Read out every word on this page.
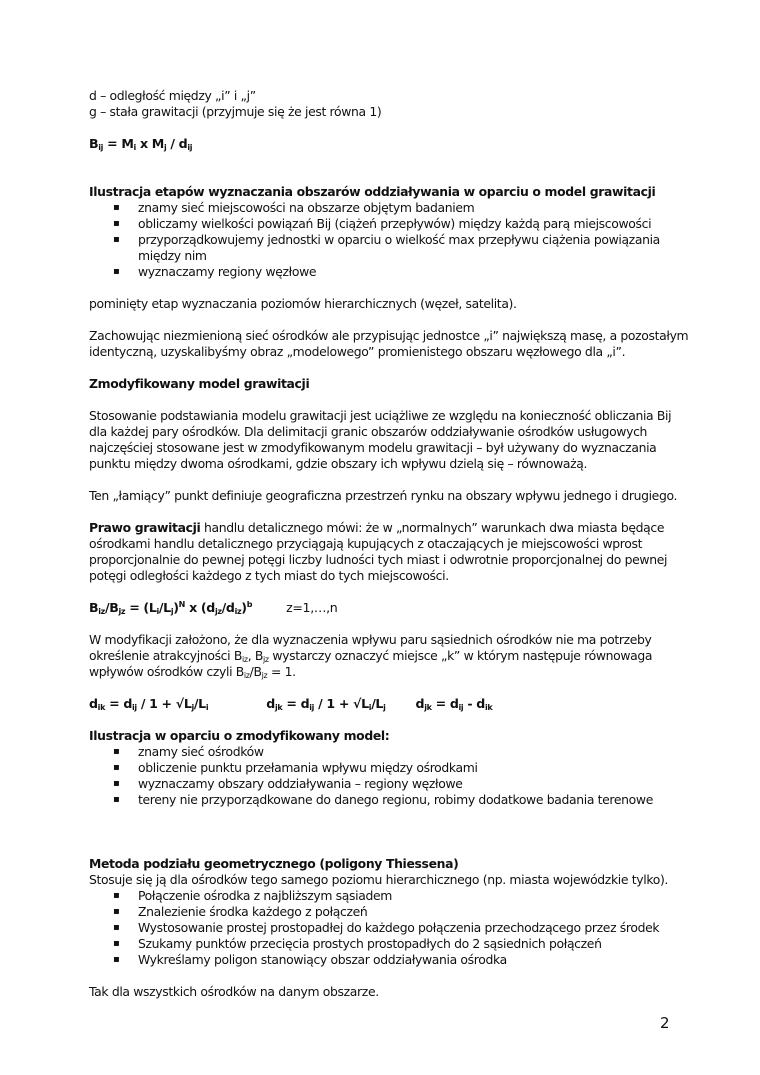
d – odległość między „i” i „j”

g – stała grawitacji (przyjmuje się że jest równa 1)

$B_{ij} = M_i$ x $M_j / d_{ij}$

Ilustracja etapów wyznaczania obszarów oddziaływania w oparciu o model grawitacji

▪ znamy sieć miejscowości na obszarze objętym badaniem
▪ obliczamy wielkości powiązań Bij (ciążeń przepływów) między każdą parą miejscowości
▪ przyporządkowujemy jednostki w oparciu o wielkość max przepływu ciążenia powiązania między nim
▪ wyznaczamy regiony węzłowe

pominięty etap wyznaczania poziomów hierarchicznych (węzeł, satelita).

Zachowując niezmienioną sieć ośrodków ale przypisując jednostce „i” największą masę, a pozostałym identyczną, uzyskalibyśmy obraz „modelowego” promienistego obszaru węzłowego dla „i”.

Zmodyfikowany model grawitacji

Stosowanie podstawiania modelu grawitacji jest uciążliwe ze względu na konieczność obliczania Bij dla każdej pary ośrodków. Dla delimitacji granic obszarów oddziaływanie ośrodków usługowych najczęściej stosowane jest w zmodyfikowanym modelu grawitacji – był używany do wyznaczania punktu między dwoma ośrodkami, gdzie obszary ich wpływu dzielą się – równoważą.

Ten „łamiący” punkt definiuje geograficzna przestrzeń rynku na obszary wpływu jednego i drugiego.

Prawo grawitacji handlu detalicznego mówi: że w „normalnych” warunkach dwa miasta będące ośrodkami handlu detalicznego przyciągają kupujących z otaczających je miejscowości wprost proporcjonalnie do pewnej potęgi liczby ludności tych miast i odwrotnie proporcjonalnej do pewnej potęgi odległości każdego z tych miast do tych miejscowości.

$B_{iz}/B_{jz} = (L_i/L_j)^N$ x $(d_{jz}/d_{iz})^b$	z=1,…,n

W modyfikacji założono, że dla wyznaczenia wpływu paru sąsiednich ośrodków nie ma potrzeby określenie atrakcyjności $B_{iz}$, $B_{jz}$ wystarczy oznaczyć miejsce „k” w którym następuje równowaga wpływów ośrodków czyli $B_{iz}/B_{jz} = 1$.

$d_{ik} = d_{ij} / 1 + √L_j/L_i$	$d_{jk} = d_{ij} / 1 + √L_i/L_j$ $d_{jk} = d_{ij} - d_{ik}$

Ilustracja w oparciu o zmodyfikowany model:

▪ znamy sieć ośrodków
▪ obliczenie punktu przełamania wpływu między ośrodkami
▪ wyznaczamy obszary oddziaływania – regiony węzłowe
▪ tereny nie przyporządkowane do danego regionu, robimy dodatkowe badania terenowe

Metoda podziału geometrycznego (poligony Thiessena)

Stosuje się ją dla ośrodków tego samego poziomu hierarchicznego (np. miasta wojewódzkie tylko).

▪ Połączenie ośrodka z najbliższym sąsiadem
▪ Znalezienie środka każdego z połączeń
▪ Wystosowanie prostej prostopadłej do każdego połączenia przechodzącego przez środek
▪ Szukamy punktów przecięcia prostych prostopadłych do 2 sąsiednich połączeń
▪ Wykreślamy poligon stanowiący obszar oddziaływania ośrodka

Tak dla wszystkich ośrodków na danym obszarze.

2
